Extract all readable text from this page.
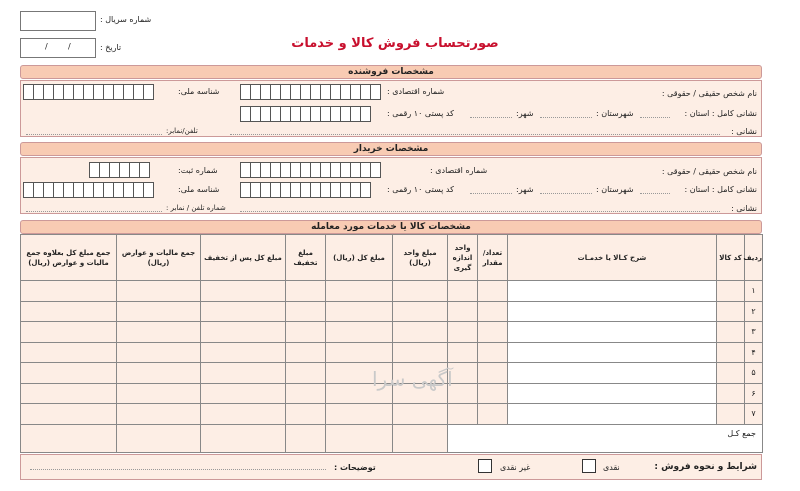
شماره سریال :
/	/	تاریخ :	صورتحساب فروش کالا و خدمات
مشخصات فروشنده
نام شخص حقیقی / حقوقی :
شماره اقتصادی :
شناسه ملی:
نشانی کامل : استان :
شهرستان :
شهر:
کد پستی ۱۰ رقمی :
نشانی :
تلفن/نمابر:
مشخصات خریدار
نام شخص حقیقی / حقوقی :
شماره اقتصادی :
شماره ثبت:
نشانی کامل : استان :
شهرستان :
شهر:
کد پستی ۱۰ رقمی :
شناسه ملی:
نشانی :
شماره تلفن / نمابر :
مشخصات کالا یا خدمات مورد معامله
ردیف	کد کالا	شرح کـالا یا خدمـات	تعداد/ مقدار	واحد اندازه گیری	مبلغ واحد (ریال)	مبلغ کل (ریال)	مبلغ تخفیف	مبلغ کل پس از تخفیف	جمع مالیات و عوارض (ریال)	جمع مبلغ کل بعلاوه جمع مالیات و عوارض (ریال)
۱										
۲										
۳										
۴										
۵										
۶										
۷										
جمع کـل										
شرایط و نحوه فروش :
نقدی
غیر نقدی
توضیحات :
آگهی سرا
